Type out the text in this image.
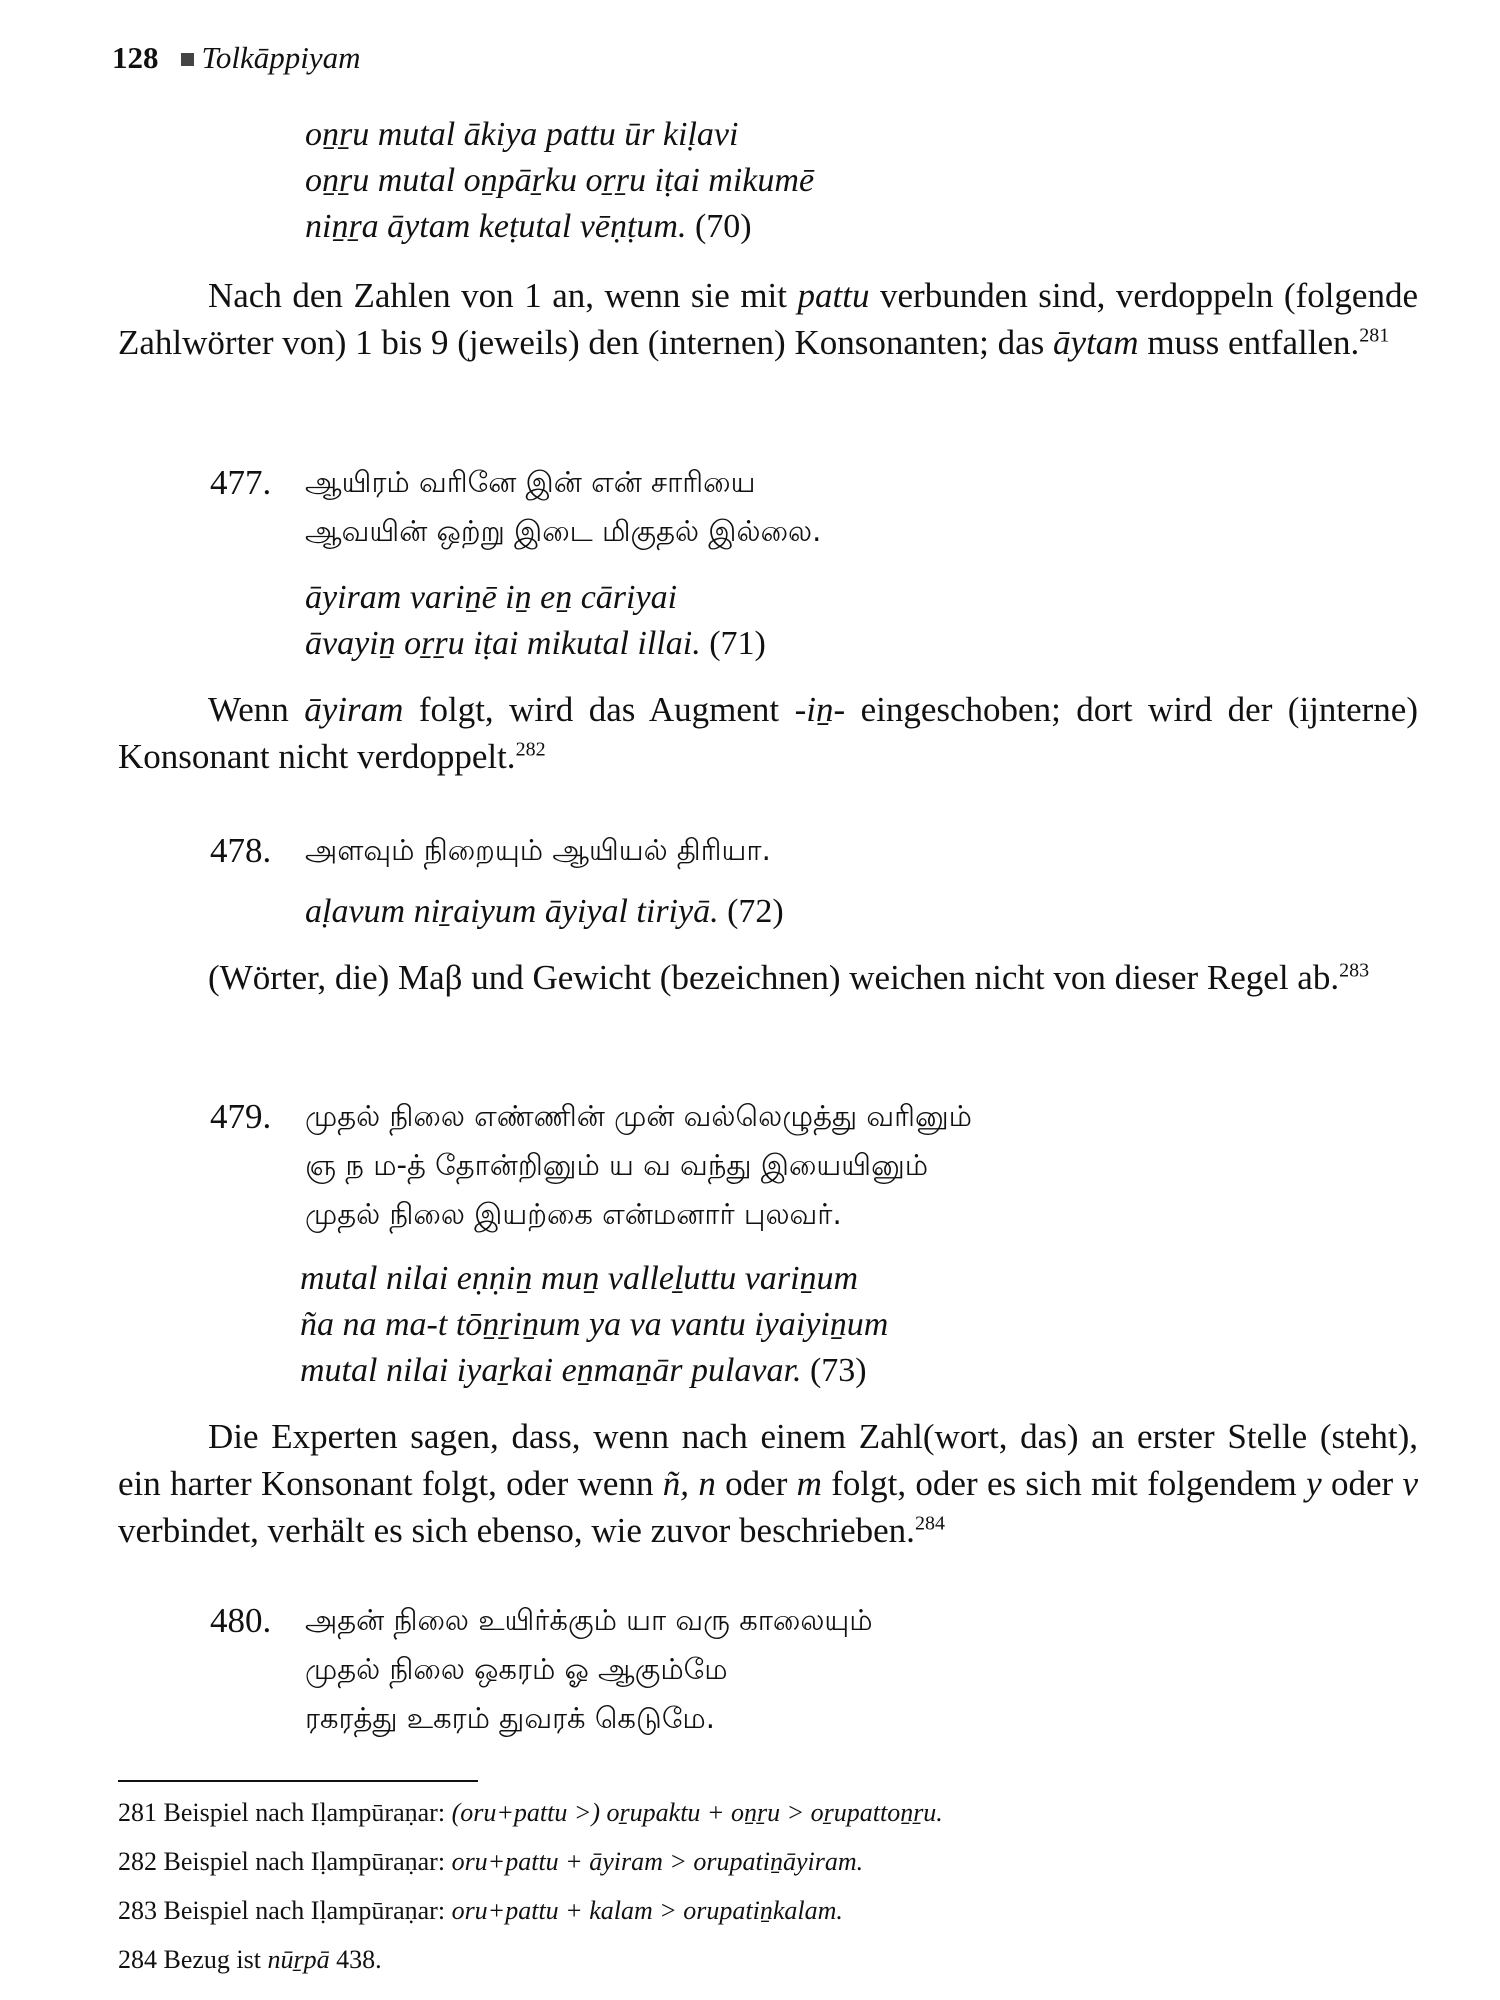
128 Tolkāppiyam
oṉṟu mutal ākiya pattu ūr kiḷavi
oṉṟu mutal oṉpāṟku oṟṟu iṭai mikumē
niṉṟa āytam keṭutal vēṇṭum. (70)
Nach den Zahlen von 1 an, wenn sie mit pattu verbunden sind, verdoppeln (folgende Zahlwörter von) 1 bis 9 (jeweils) den (internen) Konsonanten; das āytam muss entfallen.$^{281}$
477. ஆயிரம் வரினே இன் என் சாரியை
ஆவயின் ஒற்று இடை மிகுதல் இல்லை.
āyiram variṉē iṉ eṉ cāriyai
āvayiṉ oṟṟu iṭai mikutal illai. (71)
Wenn āyiram folgt, wird das Augment -iṉ- eingeschoben; dort wird der (ijnterne) Konsonant nicht verdoppelt.$^{282}$
478. அளவும் நிறையும் ஆயியல் திரியா.
aḷavum niṟaiyum āyiyal tiriyā. (72)
(Wörter, die) Maβ und Gewicht (bezeichnen) weichen nicht von dieser Regel ab.$^{283}$
479. முதல் நிலை எண்ணின் முன் வல்லெழுத்து வரினும்
ஞ ந ம-த் தோன்றினும் ய வ வந்து இயையினும்
முதல் நிலை இயற்கை என்மனார் புலவர்.
mutal nilai eṇṇiṉ muṉ valleḻuttu variṉum
ña na ma-t tōṉṟiṉum ya va vantu iyaiyiṉum
mutal nilai iyaṟkai eṉmaṉār pulavar. (73)
Die Experten sagen, dass, wenn nach einem Zahl(wort, das) an erster Stelle (steht), ein harter Konsonant folgt, oder wenn ñ, n oder m folgt, oder es sich mit folgendem y oder v verbindet, verhält es sich ebenso, wie zuvor beschrieben.$^{284}$
480. அதன் நிலை உயிர்க்கும் யா வரு காலையும்
முதல் நிலை ஒகரம் ஓ ஆகும்மே
ரகரத்து உகரம் துவரக் கெடுமே.
281 Beispiel nach Iḷampūraṇar: (oru+pattu >) oṟupaktu + oṉṟu > oṟupattoṉṟu.
282 Beispiel nach Iḷampūraṇar: oru+pattu + āyiram > orupatiṉāyiram.
283 Beispiel nach Iḷampūraṇar: oru+pattu + kalam > orupatiṉkalam.
284 Bezug ist nūṟpā 438.
